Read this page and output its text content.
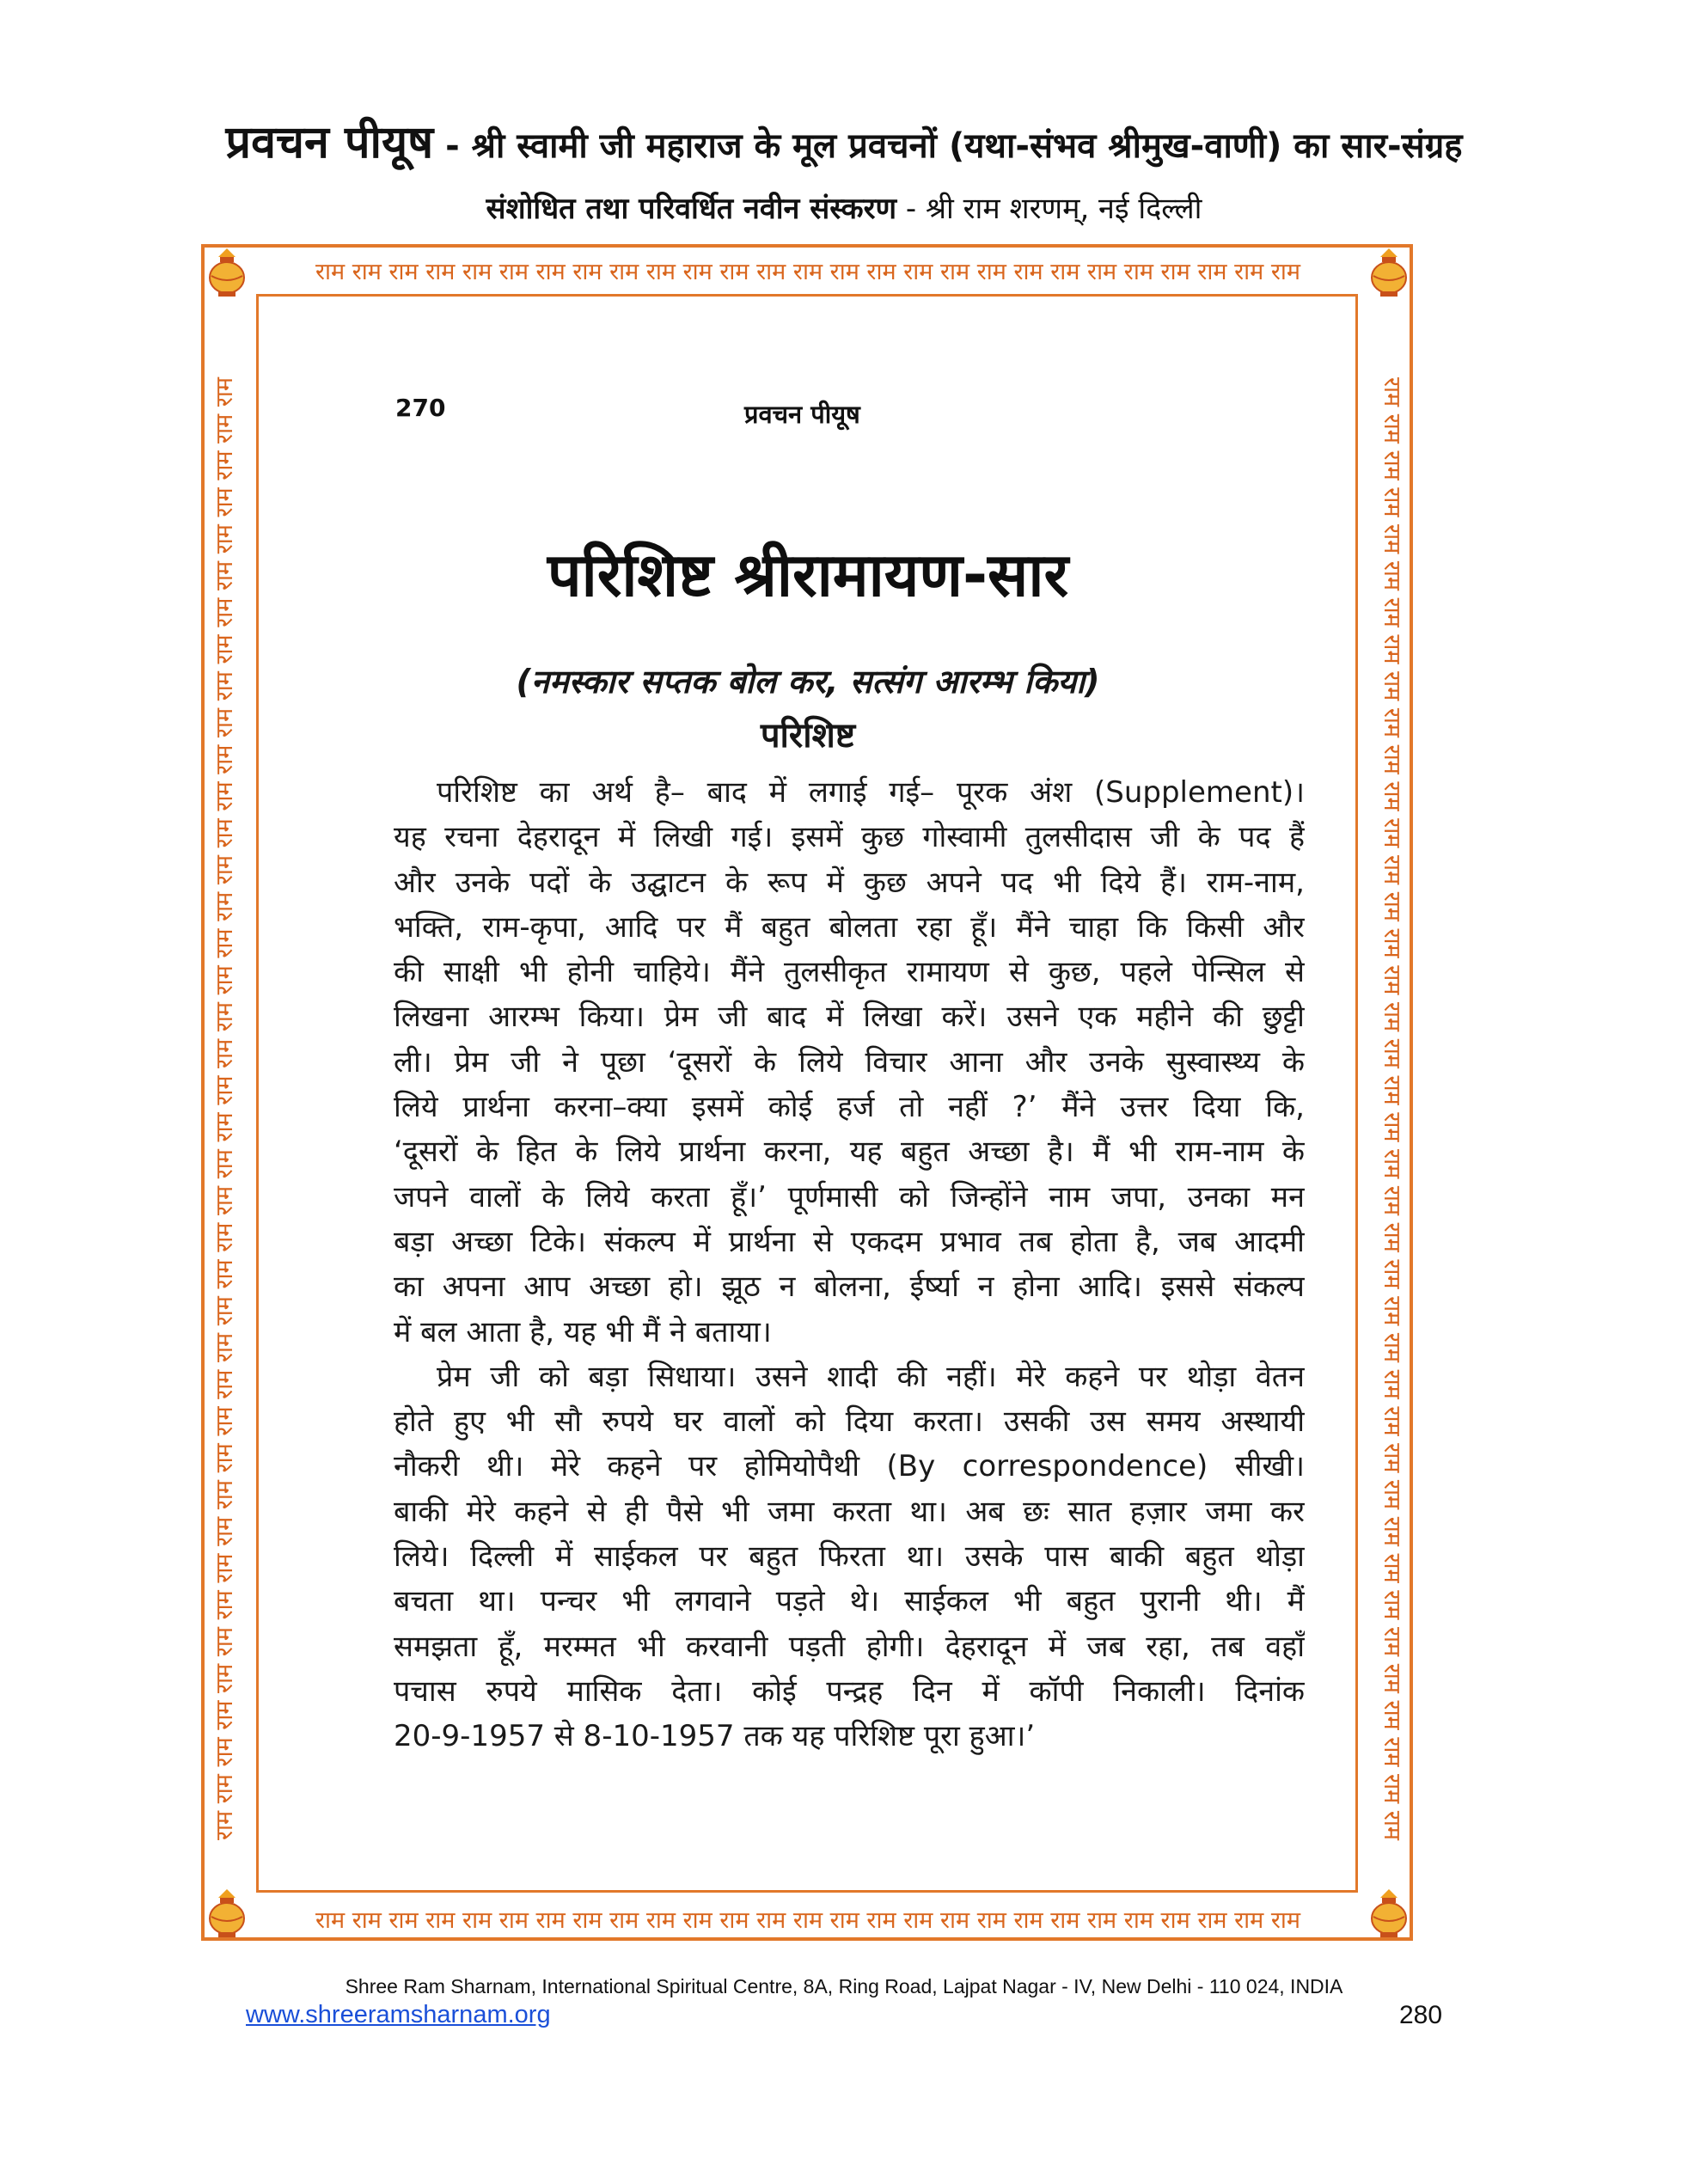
प्रवचन पीयूष - श्री स्वामी जी महाराज के मूल प्रवचनों (यथा-संभव श्रीमुख-वाणी) का सार-संग्रह
संशोधित तथा परिवर्धित नवीन संस्करण - श्री राम शरणम्, नई दिल्ली
राम राम राम राम राम राम राम राम राम राम राम राम राम राम राम राम राम राम राम राम राम राम राम राम राम राम राम
राम राम राम राम राम राम राम राम राम राम राम राम राम राम राम राम राम राम राम राम राम राम राम राम राम राम राम
राम राम राम राम राम राम राम राम राम राम राम राम राम राम राम राम राम राम राम राम राम राम राम राम राम राम राम राम राम राम राम राम राम राम राम राम राम राम राम राम	राम राम राम राम राम राम राम राम राम राम राम राम राम राम राम राम राम राम राम राम राम राम राम राम राम राम राम राम राम राम राम राम राम राम राम राम राम राम राम राम
270	प्रवचन पीयूष
परिशिष्ट श्रीरामायण-सार
(नमस्कार सप्तक बोल कर, सत्संग आरम्भ किया)
परिशिष्ट
परिशिष्ट का अर्थ है– बाद में लगाई गई– पूरक अंश (Supplement)।
यह रचना देहरादून में लिखी गई। इसमें कुछ गोस्वामी तुलसीदास जी के पद हैं
और उनके पदों के उद्घाटन के रूप में कुछ अपने पद भी दिये हैं। राम-नाम,
भक्ति, राम-कृपा, आदि पर मैं बहुत बोलता रहा हूँ। मैंने चाहा कि किसी और
की साक्षी भी होनी चाहिये। मैंने तुलसीकृत रामायण से कुछ, पहले पेन्सिल से
लिखना आरम्भ किया। प्रेम जी बाद में लिखा करें। उसने एक महीने की छुट्टी
ली। प्रेम जी ने पूछा ‘दूसरों के लिये विचार आना और उनके सुस्वास्थ्य के
लिये प्रार्थना करना–क्या इसमें कोई हर्ज तो नहीं ?’ मैंने उत्तर दिया कि,
‘दूसरों के हित के लिये प्रार्थना करना, यह बहुत अच्छा है। मैं भी राम-नाम के
जपने वालों के लिये करता हूँ।’ पूर्णमासी को जिन्होंने नाम जपा, उनका मन
बड़ा अच्छा टिके। संकल्प में प्रार्थना से एकदम प्रभाव तब होता है, जब आदमी
का अपना आप अच्छा हो। झूठ न बोलना, ईर्ष्या न होना आदि। इससे संकल्प
में बल आता है, यह भी मैं ने बताया।
प्रेम जी को बड़ा सिधाया। उसने शादी की नहीं। मेरे कहने पर थोड़ा वेतन
होते हुए भी सौ रुपये घर वालों को दिया करता। उसकी उस समय अस्थायी
नौकरी थी। मेरे कहने पर होमियोपैथी (By correspondence) सीखी।
बाकी मेरे कहने से ही पैसे भी जमा करता था। अब छः सात हज़ार जमा कर
लिये। दिल्ली में साईकल पर बहुत फिरता था। उसके पास बाकी बहुत थोड़ा
बचता था। पन्चर भी लगवाने पड़ते थे। साईकल भी बहुत पुरानी थी। मैं
समझता हूँ, मरम्मत भी करवानी पड़ती होगी। देहरादून में जब रहा, तब वहाँ
पचास रुपये मासिक देता। कोई पन्द्रह दिन में कॉपी निकाली। दिनांक
20-9-1957 से 8-10-1957 तक यह परिशिष्ट पूरा हुआ।’
Shree Ram Sharnam, International Spiritual Centre, 8A, Ring Road, Lajpat Nagar - IV, New Delhi - 110 024, INDIA
www.shreeramsharnam.org	280
